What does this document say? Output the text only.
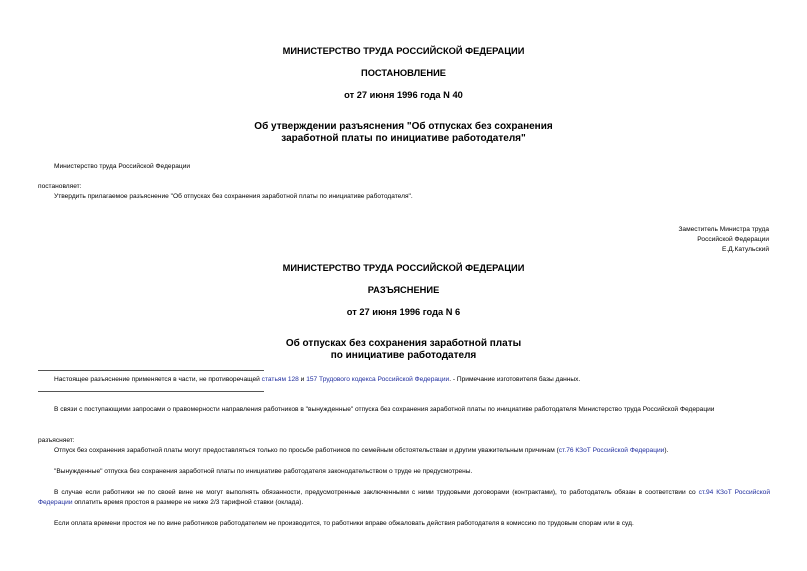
МИНИСТЕРСТВО ТРУДА РОССИЙСКОЙ ФЕДЕРАЦИИ
ПОСТАНОВЛЕНИЕ
от 27 июня 1996 года N 40
Об утверждении разъяснения "Об отпусках без сохранения
заработной платы по инициативе работодателя"
Министерство труда Российской Федерации
постановляет:
Утвердить прилагаемое разъяснение "Об отпусках без сохранения заработной платы по инициативе работодателя".
Заместитель Министра труда
Российской Федерации
Е.Д.Катульский
МИНИСТЕРСТВО ТРУДА РОССИЙСКОЙ ФЕДЕРАЦИИ
РАЗЪЯСНЕНИЕ
от 27 июня 1996 года N 6
Об отпусках без сохранения заработной платы
по инициативе работодателя
Настоящее разъяснение применяется в части, не противоречащей статьям 128 и 157 Трудового кодекса Российской Федерации. - Примечание изготовителя базы данных.
В связи с поступающими запросами о правомерности направления работников в "вынужденные" отпуска без сохранения заработной платы по инициативе работодателя Министерство труда Российской Федерации
разъясняет:
Отпуск без сохранения заработной платы могут предоставляться только по просьбе работников по семейным обстоятельствам и другим уважительным причинам (ст.76 КЗоТ Российской Федерации).
"Вынужденные" отпуска без сохранения заработной платы по инициативе работодателя законодательством о труде не предусмотрены.
В случае если работники не по своей вине не могут выполнять обязанности, предусмотренные заключенными с ними трудовыми договорами (контрактами), то работодатель обязан в соответствии со ст.94 КЗоТ Российской Федерации оплатить время простоя в размере не ниже 2/3 тарифной ставки (оклада).
Если оплата времени простоя не по вине работников работодателем не производится, то работники вправе обжаловать действия работодателя в комиссию по трудовым спорам или в суд.
